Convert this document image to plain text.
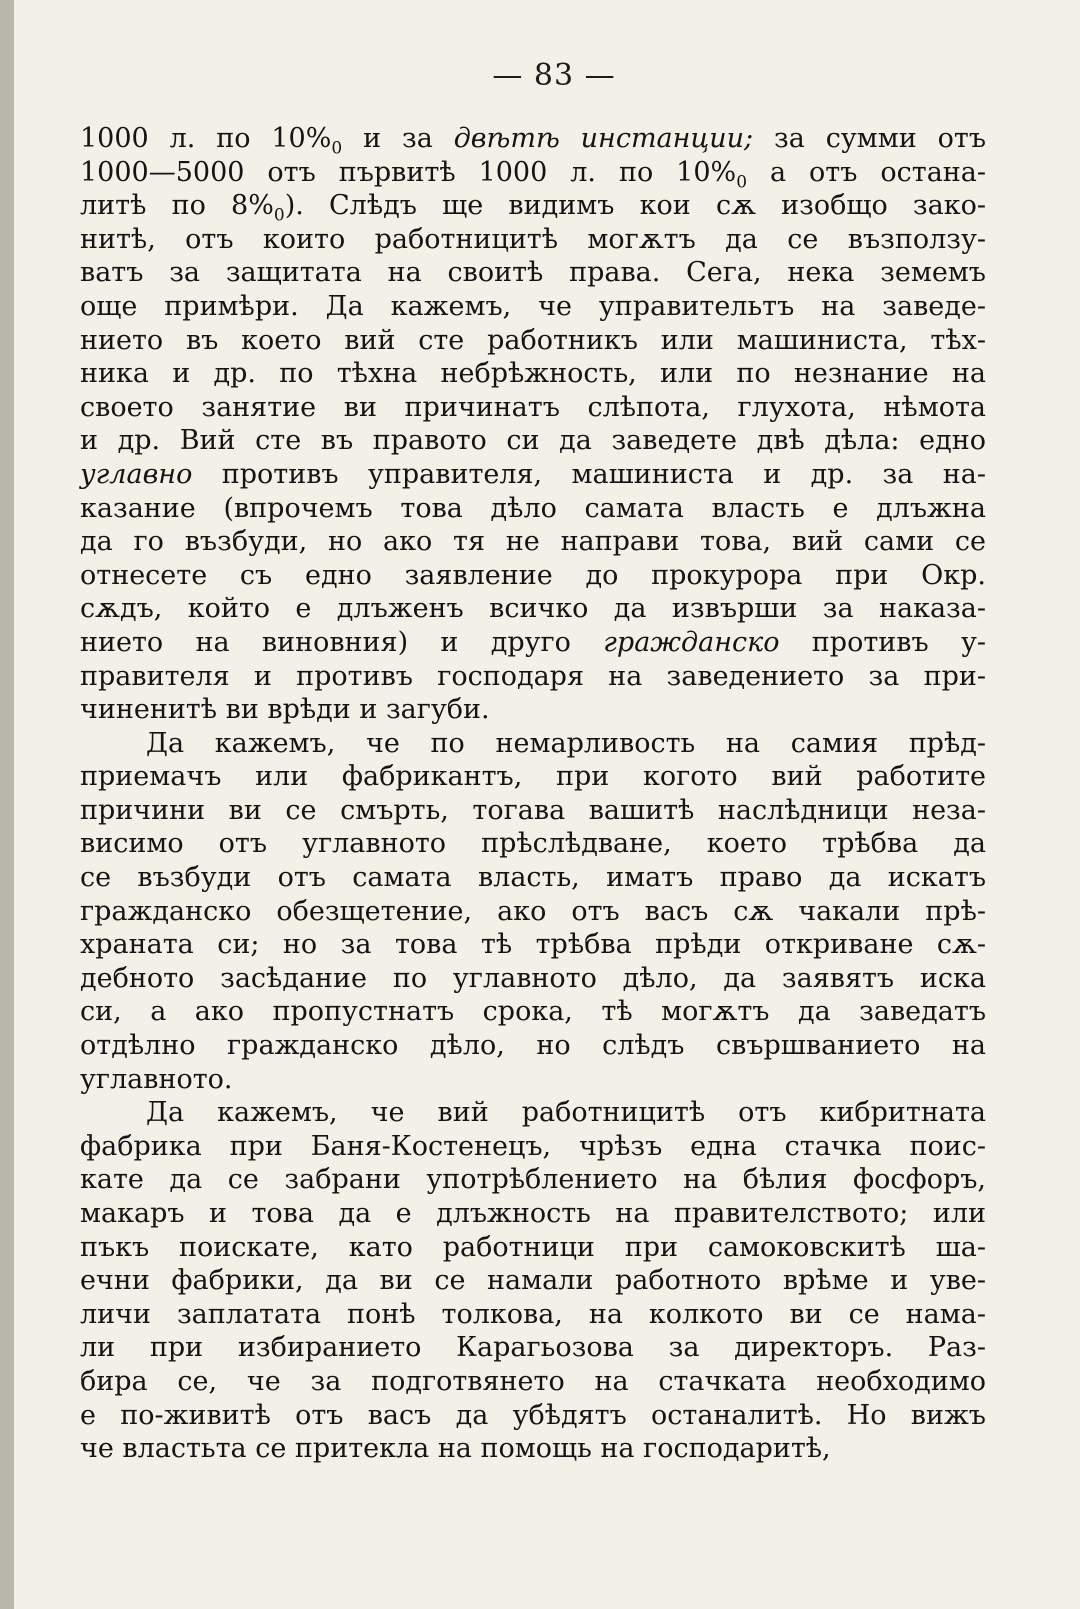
— 83 —
1000 л. по $10\%_0$ и за двѣтѣ инстанции; за сумми отъ
1000—5000 отъ първитѣ 1000 л. по $10\%_0$ а отъ остана-
литѣ по $8\%_0$). Слѣдъ ще видимъ кои сѫ изобщо зако-
нитѣ, отъ които работницитѣ могѫтъ да се възползу-
ватъ за защитата на своитѣ права. Сега, нека земемъ
още примѣри. Да кажемъ, че управительтъ на заведе-
нието въ което вий сте работникъ или машиниста, тѣх-
ника и др. по тѣхна небрѣжность, или по незнание на
своето занятие ви причинатъ слѣпота, глухота, нѣмота
и др. Вий сте въ правото си да заведете двѣ дѣла: едно
углавно противъ управителя, машиниста и др. за на-
казание (впрочемъ това дѣло самата власть е длъжна
да го възбуди, но ако тя не направи това, вий сами се
отнесете съ едно заявление до прокурора при Окр.
сѫдъ, който е длъженъ всичко да извърши за наказа-
нието на виновния) и друго гражданско противъ у-
правителя и противъ господаря на заведението за при-
чиненитѣ ви врѣди и загуби.
Да кажемъ, че по немарливость на самия прѣд-
приемачъ или фабрикантъ, при когото вий работите
причини ви се смърть, тогава вашитѣ наслѣдници неза-
висимо отъ углавното прѣслѣдване, което трѣбва да
се възбуди отъ самата власть, иматъ право да искатъ
гражданско обезщетение, ако отъ васъ сѫ чакали прѣ-
храната си; но за това тѣ трѣбва прѣди откриване сѫ-
дебното засѣдание по углавното дѣло, да заявятъ иска
си, а ако пропустнатъ срока, тѣ могѫтъ да заведатъ
отдѣлно гражданско дѣло, но слѣдъ свършванието на
углавното.
Да кажемъ, че вий работницитѣ отъ кибритната
фабрика при Баня-Костенецъ, чрѣзъ една стачка поис-
кате да се забрани употрѣблението на бѣлия фосфоръ,
макаръ и това да е длъжность на правителството; или
пъкъ поискате, като работници при самоковскитѣ ша-
ечни фабрики, да ви се намали работното врѣме и уве-
личи заплатата понѣ толкова, на колкото ви се нама-
ли при избиранието Карагьозова за директоръ. Раз-
бира се, че за подготвянето на стачката необходимо
е по-живитѣ отъ васъ да убѣдятъ останалитѣ. Но вижъ
че властьта се притекла на помощь на господаритѣ,
